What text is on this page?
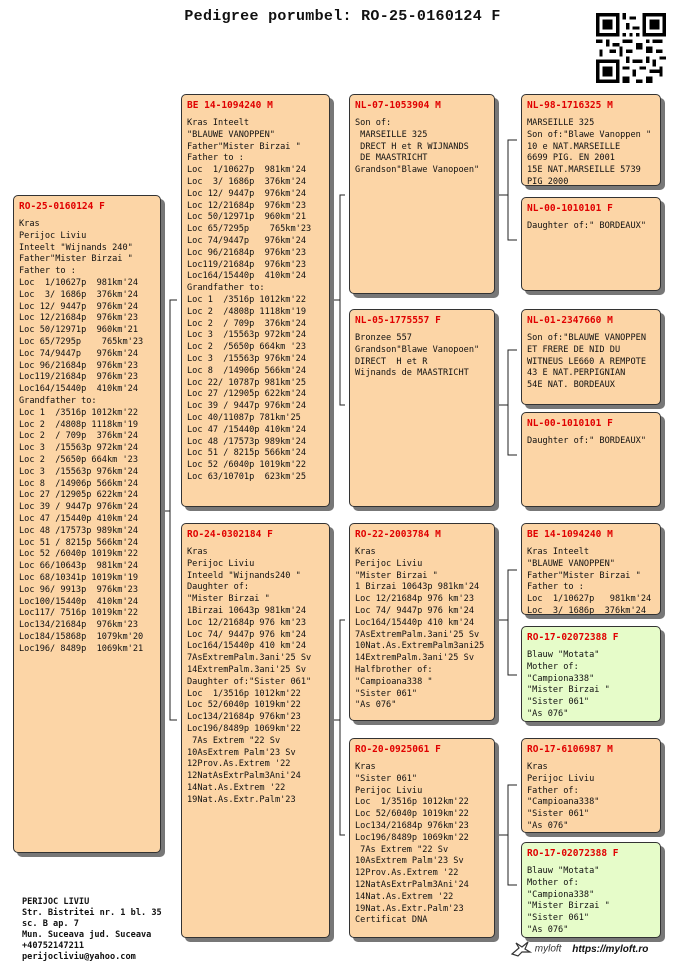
Pedigree porumbel: RO-25-0160124 F
RO-25-0160124 F
Kras
Perijoc Liviu
Inteelt "Wijnands 240"
Father"Mister Birzai "
Father to :
Loc  1/10627p  981km'24
Loc  3/ 1686p  376km'24
Loc 12/ 9447p  976km'24
Loc 12/21684p  976km'23
Loc 50/12971p  960km'21
Loc 65/7295p    765km'23
Loc 74/9447p   976km'24
Loc 96/21684p  976km'23
Loc119/21684p  976km'23
Loc164/15440p  410km'24
Grandfather to:
Loc 1  /3516p 1012km'22
Loc 2  /4808p 1118km'19
Loc 2  / 709p  376km'24
Loc 3  /15563p 972km'24
Loc 2  /5650p 664km '23
Loc 3  /15563p 976km'24
Loc 8  /14906p 566km'24
Loc 27 /12905p 622km'24
Loc 39 / 9447p 976km'24
Loc 47 /15440p 410km'24
Loc 48 /17573p 989km'24
Loc 51 / 8215p 566km'24
Loc 52 /6040p 1019km'22
Loc 66/10643p  981km'24
Loc 68/10341p 1019km'19
Loc 96/ 9913p  976km'23
Loc100/15440p  410km'24
Loc117/ 7516p 1019km'22
Loc134/21684p  976km'23
Loc184/15868p  1079km'20
Loc196/ 8489p  1069km'21
BE 14-1094240 M
Kras Inteelt
"BLAUWE VANOPPEN"
Father"Mister Birzai "
Father to :
Loc  1/10627p  981km'24
Loc  3/ 1686p  376km'24
Loc 12/ 9447p  976km'24
Loc 12/21684p  976km'23
Loc 50/12971p  960km'21
Loc 65/7295p    765km'23
Loc 74/9447p   976km'24
Loc 96/21684p  976km'23
Loc119/21684p  976km'23
Loc164/15440p  410km'24
Grandfather to:
Loc 1  /3516p 1012km'22
Loc 2  /4808p 1118km'19
Loc 2  / 709p  376km'24
Loc 3  /15563p 972km'24
Loc 2  /5650p 664km '23
Loc 3  /15563p 976km'24
Loc 8  /14906p 566km'24
Loc 22/ 10787p 981km'25
Loc 27 /12905p 622km'24
Loc 39 / 9447p 976km'24
Loc 40/11087p 781km'25
Loc 47 /15440p 410km'24
Loc 48 /17573p 989km'24
Loc 51 / 8215p 566km'24
Loc 52 /6040p 1019km'22
Loc 63/10701p  623km'25
RO-24-0302184 F
Kras
Perijoc Liviu
Inteeld "Wijnands240 "
Daughter of:
"Mister Birzai "
1Birzai 10643p 981km'24
Loc 12/21684p 976 km'23
Loc 74/ 9447p 976 km'24
Loc164/15440p 410 km'24
7AsExtremPalm.3ani'25 Sv
14ExtremPalm.3ani'25 Sv
Daughter of:"Sister 061"
Loc  1/3516p 1012km'22
Loc 52/6040p 1019km'22
Loc134/21684p 976km'23
Loc196/8489p 1069km'22
7As Extrem "22 Sv
10AsExtrem Palm'23 Sv
12Prov.As.Extrem '22
12NatAsExtrPalm3Ani'24
14Nat.As.Extrem '22
19Nat.As.Extr.Palm'23
NL-07-1053904 M
Son of:
MARSEILLE 325
DRECT H et R WIJNANDS
DE MAASTRICHT
Grandson"Blawe Vanopoen"
NL-05-1775557 F
Bronzee 557
Grandson"Blawe Vanopoen"
DIRECT  H et R
Wijnands de MAASTRICHT
RO-22-2003784 M
Kras
Perijoc Liviu
"Mister Birzai "
1 Birzai 10643p 981km'24
Loc 12/21684p 976 km'23
Loc 74/ 9447p 976 km'24
Loc164/15440p 410 km'24
7AsExtremPalm.3ani'25 Sv
10Nat.As.ExtremPalm3ani25
14ExtremPalm.3ani'25 Sv
Halfbrother of:
"Campioana338 "
"Sister 061"
"As 076"
RO-20-0925061 F
Kras
"Sister 061"
Perijoc Liviu
Loc  1/3516p 1012km'22
Loc 52/6040p 1019km'22
Loc134/21684p 976km'23
Loc196/8489p 1069km'22
7As Extrem "22 Sv
10AsExtrem Palm'23 Sv
12Prov.As.Extrem '22
12NatAsExtrPalm3Ani'24
14Nat.As.Extrem '22
19Nat.As.Extr.Palm'23
Certificat DNA
NL-98-1716325 M
MARSEILLE 325
Son of:"Blawe Vanoppen "
10 e NAT.MARSEILLE
6699 PIG. EN 2001
15E NAT.MARSEILLE 5739
PIG 2000
NL-00-1010101 F
Daughter of:" BORDEAUX"
NL-01-2347660 M
Son of:"BLAUWE VANOPPEN
ET FRERE DE NID DU
WITNEUS LE660 A REMPOTE
43 E NAT.PERPIGNIAN
54E NAT. BORDEAUX
NL-00-1010101 F
Daughter of:" BORDEAUX"
BE 14-1094240 M
Kras Inteelt
"BLAUWE VANOPPEN"
Father"Mister Birzai "
Father to :
Loc  1/10627p   981km'24
Loc  3/ 1686p  376km'24
RO-17-02072388 F
Blauw "Motata"
Mother of:
"Campiona338"
"Mister Birzai "
"Sister 061"
"As 076"
RO-17-6106987 M
Kras
Perijoc Liviu
Father of:
"Campioana338"
"Sister 061"
"As 076"
RO-17-02072388 F
Blauw "Motata"
Mother of:
"Campiona338"
"Mister Birzai "
"Sister 061"
"As 076"
PERIJOC LIVIU
Str. Bistritei nr. 1 bl. 35
sc. B ap. 7
Mun. Suceava jud. Suceava
+40752147211
perijocliviu@yahoo.com
myloft https://myloft.ro
